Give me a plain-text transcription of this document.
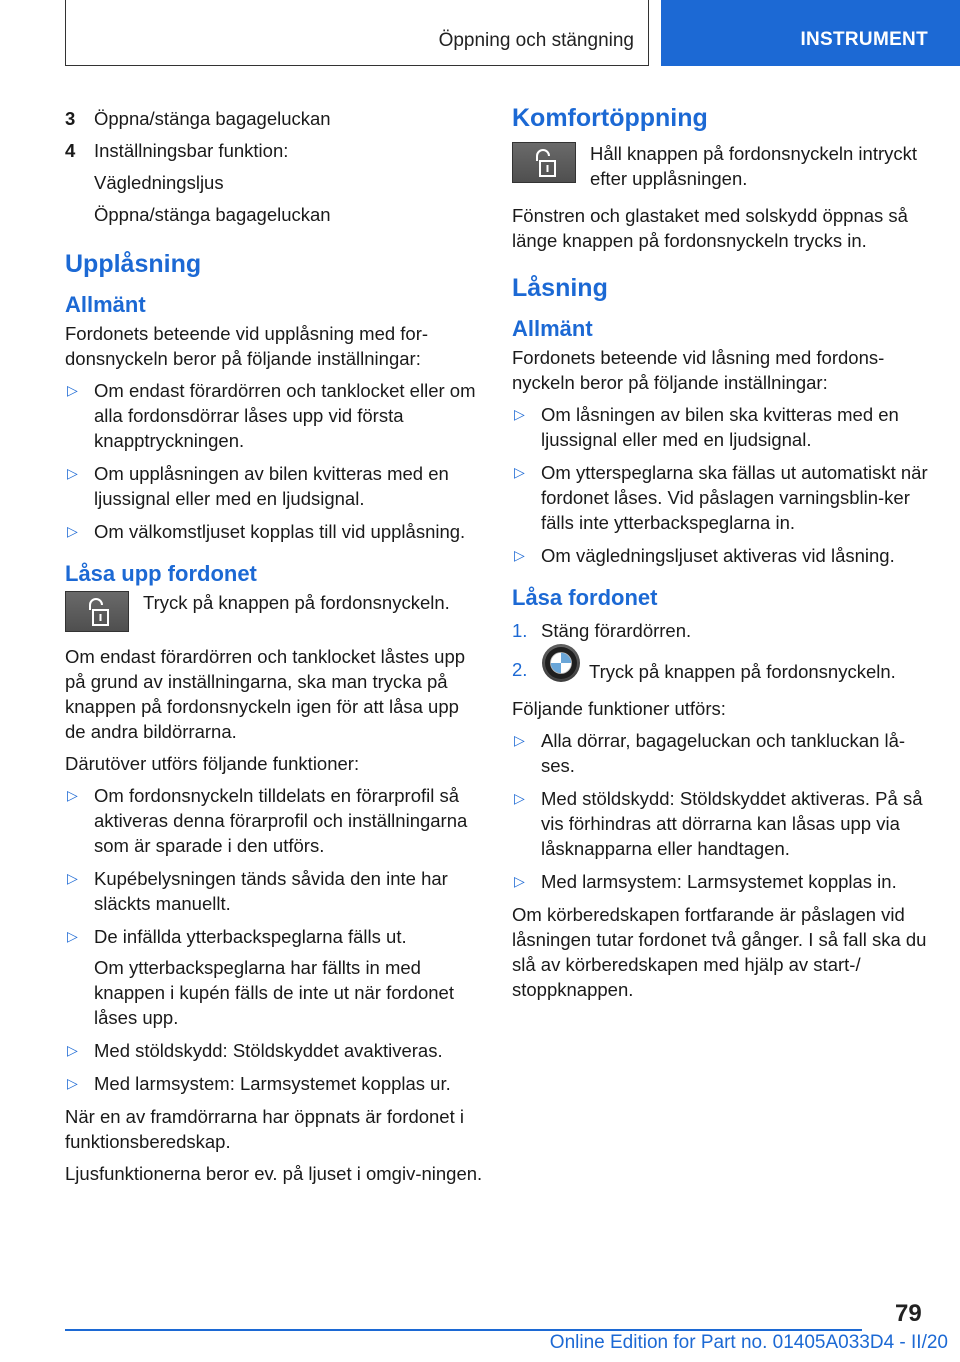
Öppning och stängning	INSTRUMENT
3	Öppna/stänga bagageluckan
4	Inställningsbar funktion:
Vägledningsljus
Öppna/stänga bagageluckan
Upplåsning
Allmänt

Fordonets beteende vid upplåsning med for-donsnyckeln beror på följande inställningar:

▷ Om endast förardörren och tanklocket eller om alla fordonsdörrar låses upp vid första knapptryckningen.
▷ Om upplåsningen av bilen kvitteras med en ljussignal eller med en ljudsignal.
▷ Om välkomstljuset kopplas till vid upplåsning.
Låsa upp fordonet
Tryck på knappen på fordonsnyckeln.

Om endast förardörren och tanklocket låstes upp på grund av inställningarna, ska man trycka på knappen på fordonsnyckeln igen för att låsa upp de andra bildörrarna.

Därutöver utförs följande funktioner:

▷ Om fordonsnyckeln tilldelats en förarprofil så aktiveras denna förarprofil och inställningarna som är sparade i den utförs.
▷ Kupébelysningen tänds såvida den inte har släckts manuellt.
▷ De infällda ytterbackspeglarna fälls ut.
Om ytterbackspeglarna har fällts in med knappen i kupén fälls de inte ut när fordonet låses upp.
▷ Med stöldskydd: Stöldskyddet avaktiveras.
▷ Med larmsystem: Larmsystemet kopplas ur.

När en av framdörrarna har öppnats är fordonet i funktionsberedskap.

Ljusfunktionerna beror ev. på ljuset i omgiv-ningen.

Komfortöppning
Håll knappen på fordonsnyckeln intryckt efter upplåsningen.

Fönstren och glastaket med solskydd öppnas så länge knappen på fordonsnyckeln trycks in.

Låsning
Allmänt

Fordonets beteende vid låsning med fordons-nyckeln beror på följande inställningar:

▷ Om låsningen av bilen ska kvitteras med en ljussignal eller med en ljudsignal.
▷ Om ytterspeglarna ska fällas ut automatiskt när fordonet låses. Vid påslagen varningsblin-ker fälls inte ytterbackspeglarna in.
▷ Om vägledningsljuset aktiveras vid låsning.
Låsa fordonet
1. Stäng förardörren.
2.	Tryck på knappen på fordonsnyckeln.

Följande funktioner utförs:

▷ Alla dörrar, bagageluckan och tankluckan lå-ses.
▷ Med stöldskydd: Stöldskyddet aktiveras. På så vis förhindras att dörrarna kan låsas upp via låsknapparna eller handtagen.
▷ Med larmsystem: Larmsystemet kopplas in.

Om körberedskapen fortfarande är påslagen vid låsningen tutar fordonet två gånger. I så fall ska du slå av körberedskapen med hjälp av start-/ stoppknappen.

79
Online Edition for Part no. 01405A033D4 - II/20
